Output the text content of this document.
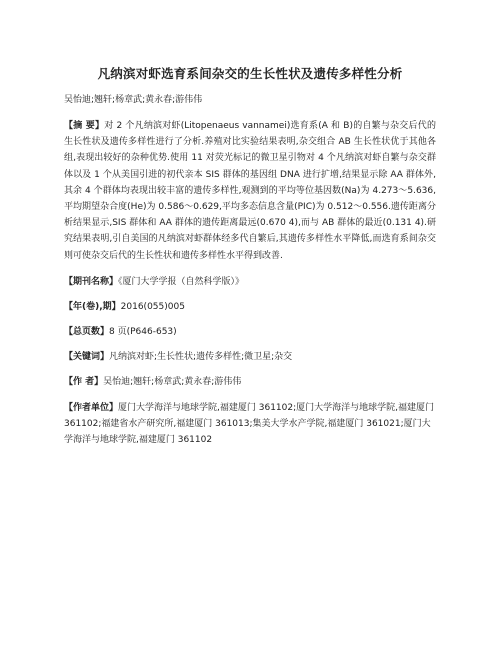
凡纳滨对虾选育系间杂交的生长性状及遗传多样性分析
吴怡迪;翘轩;杨章武;黄永春;游伟伟
【摘 要】对 2 个凡纳滨对虾(Litopenaeus vannamei)选育系(A 和 B)的自繁与杂交后代的生长性状及遗传多样性进行了分析.养殖对比实验结果表明,杂交组合 AB 生长性状优于其他各组,表现出较好的杂种优势.使用 11 对荧光标记的微卫星引物对 4 个凡纳滨对虾自繁与杂交群体以及 1 个从美国引进的初代亲本 SIS 群体的基因组 DNA 进行扩增,结果显示除 AA 群体外,其余 4 个群体均表现出较丰富的遗传多样性,观测到的平均等位基因数(Na)为 4.273～5.636,平均期望杂合度(He)为 0.586～0.629,平均多态信息含量(PIC)为 0.512～0.556.遗传距离分析结果显示,SIS 群体和 AA 群体的遗传距离最远(0.670 4),而与 AB 群体的最近(0.131 4).研究结果表明,引自美国的凡纳滨对虾群体经多代自繁后,其遗传多样性水平降低,而选育系间杂交则可使杂交后代的生长性状和遗传多样性水平得到改善.
【期刊名称】《厦门大学学报（自然科学版）》
【年(卷),期】2016(055)005
【总页数】8 页(P646-653)
【关键词】凡纳滨对虾;生长性状;遗传多样性;微卫星;杂交
【作 者】吴怡迪;翘轩;杨章武;黄永春;游伟伟
【作者单位】厦门大学海洋与地球学院,福建厦门 361102;厦门大学海洋与地球学院,福建厦门 361102;福建省水产研究所,福建厦门 361013;集美大学水产学院,福建厦门 361021;厦门大学海洋与地球学院,福建厦门 361102
